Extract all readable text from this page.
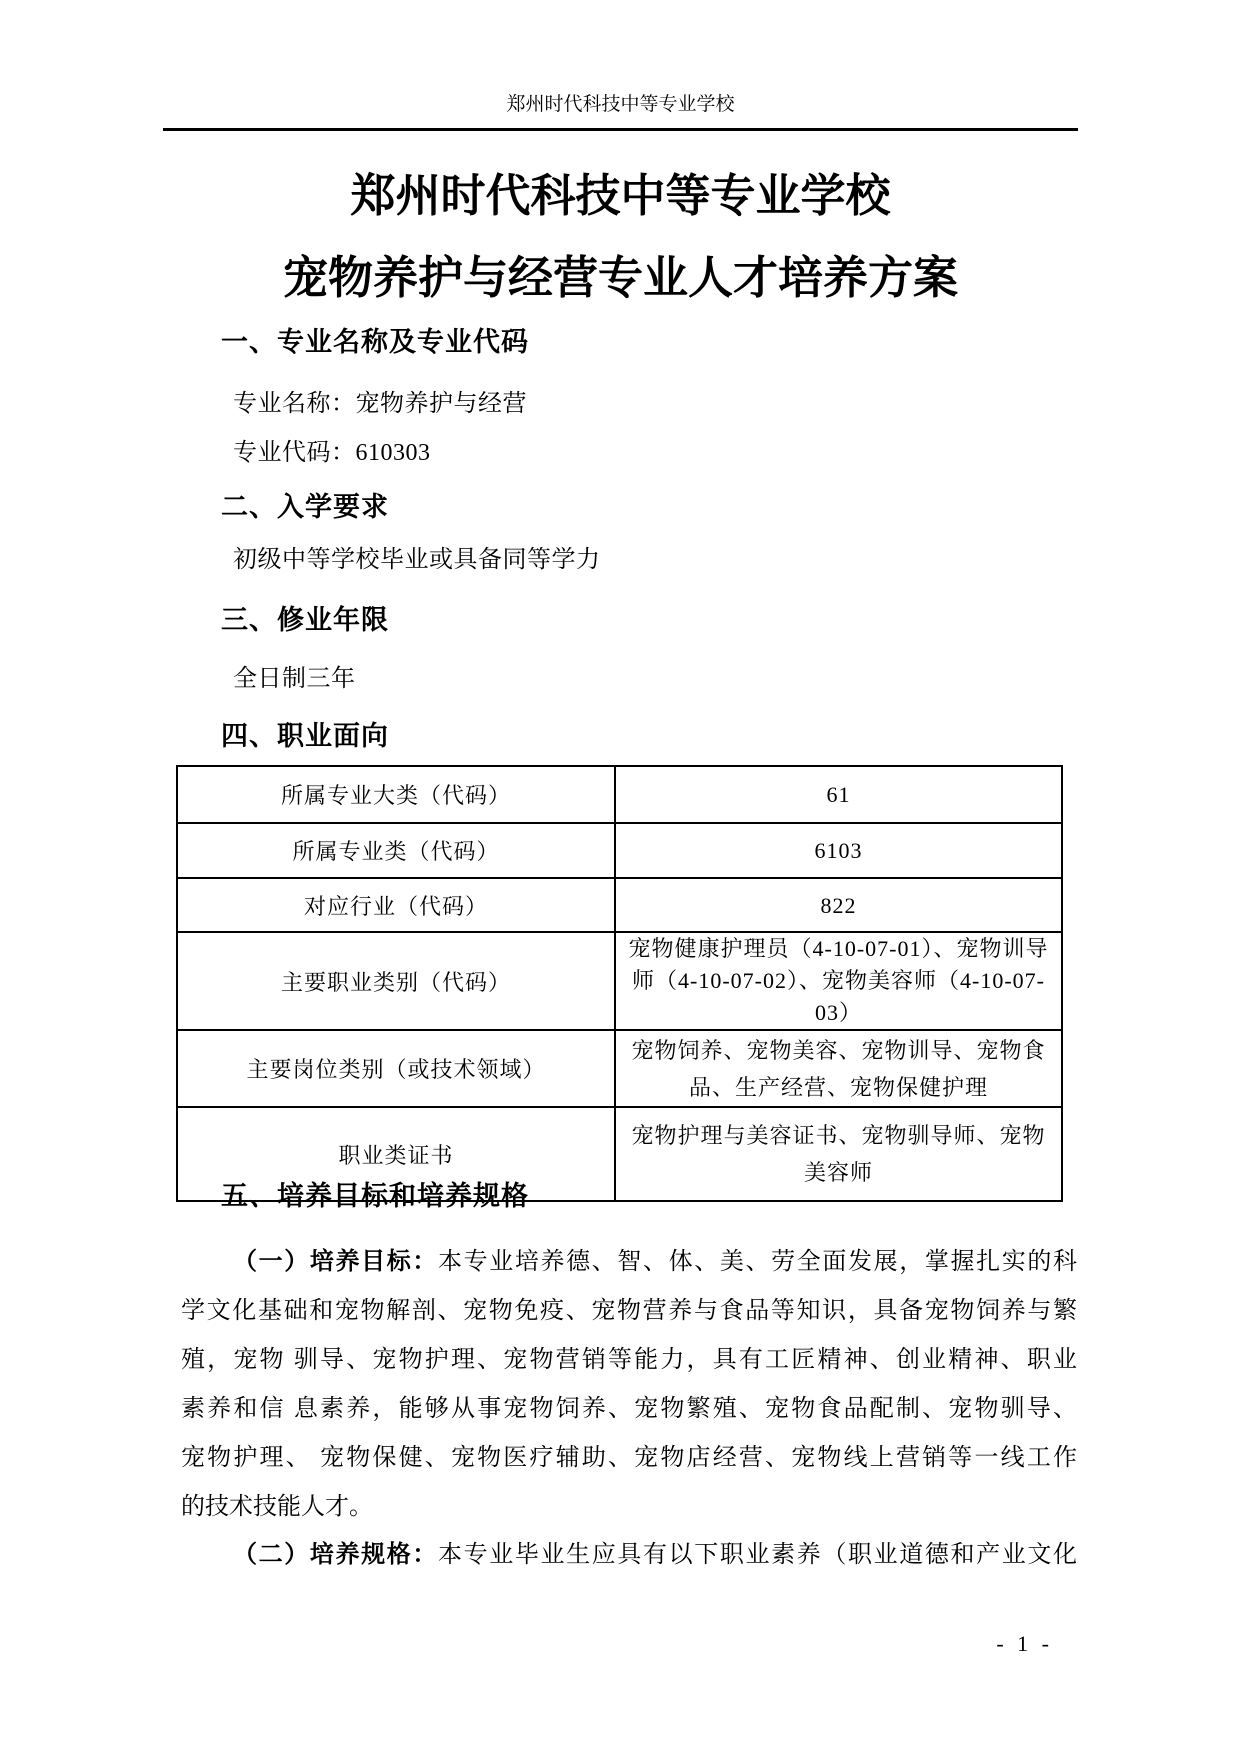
郑州时代科技中等专业学校
郑州时代科技中等专业学校
宠物养护与经营专业人才培养方案
一、专业名称及专业代码
专业名称：宠物养护与经营
专业代码：610303
二、入学要求
初级中等学校毕业或具备同等学力
三、修业年限
全日制三年
四、职业面向
所属专业大类（代码）	61
所属专业类（代码）	6103
对应行业（代码）	822
主要职业类别（代码）	宠物健康护理员（4-10-07-01）、宠物训导师（4-10-07-02）、宠物美容师（4-10-07-03）
主要岗位类别（或技术领域）	宠物饲养、宠物美容、宠物训导、宠物食品、生产经营、宠物保健护理
职业类证书	宠物护理与美容证书、宠物驯导师、宠物美容师
五、培养目标和培养规格
（一）培养目标：本专业培养德、智、体、美、劳全面发展，掌握扎实的科
学文化基础和宠物解剖、宠物免疫、宠物营养与食品等知识，具备宠物饲养与繁
殖，宠物 驯导、宠物护理、宠物营销等能力，具有工匠精神、创业精神、职业
素养和信 息素养，能够从事宠物饲养、宠物繁殖、宠物食品配制、宠物驯导、
宠物护理、 宠物保健、宠物医疗辅助、宠物店经营、宠物线上营销等一线工作
的技术技能人才。
（二）培养规格：本专业毕业生应具有以下职业素养（职业道德和产业文化
- 1 -
